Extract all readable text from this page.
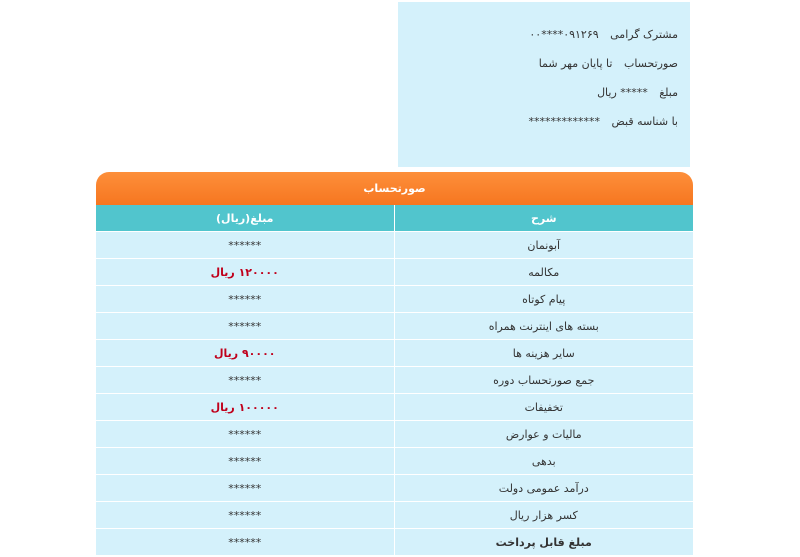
مشترک گرامی ۰۹۱۲۶۹****۰۰
صورتحساب تا پایان مهر شما
مبلغ ***** ریال
با شناسه قبض *************
صورتحساب
شرح	مبلغ(ریال)
آبونمان	******
مکالمه	۱۲۰۰۰۰ ریال
پیام کوتاه	******
بسته های اینترنت همراه	******
سایر هزینه ها	۹۰۰۰۰ ریال
جمع صورتحساب دوره	******
تخفیفات	۱۰۰۰۰۰ ریال
مالیات و عوارض	******
بدهی	******
درآمد عمومی دولت	******
کسر هزار ریال	******
مبلغ قابل پرداخت	******
